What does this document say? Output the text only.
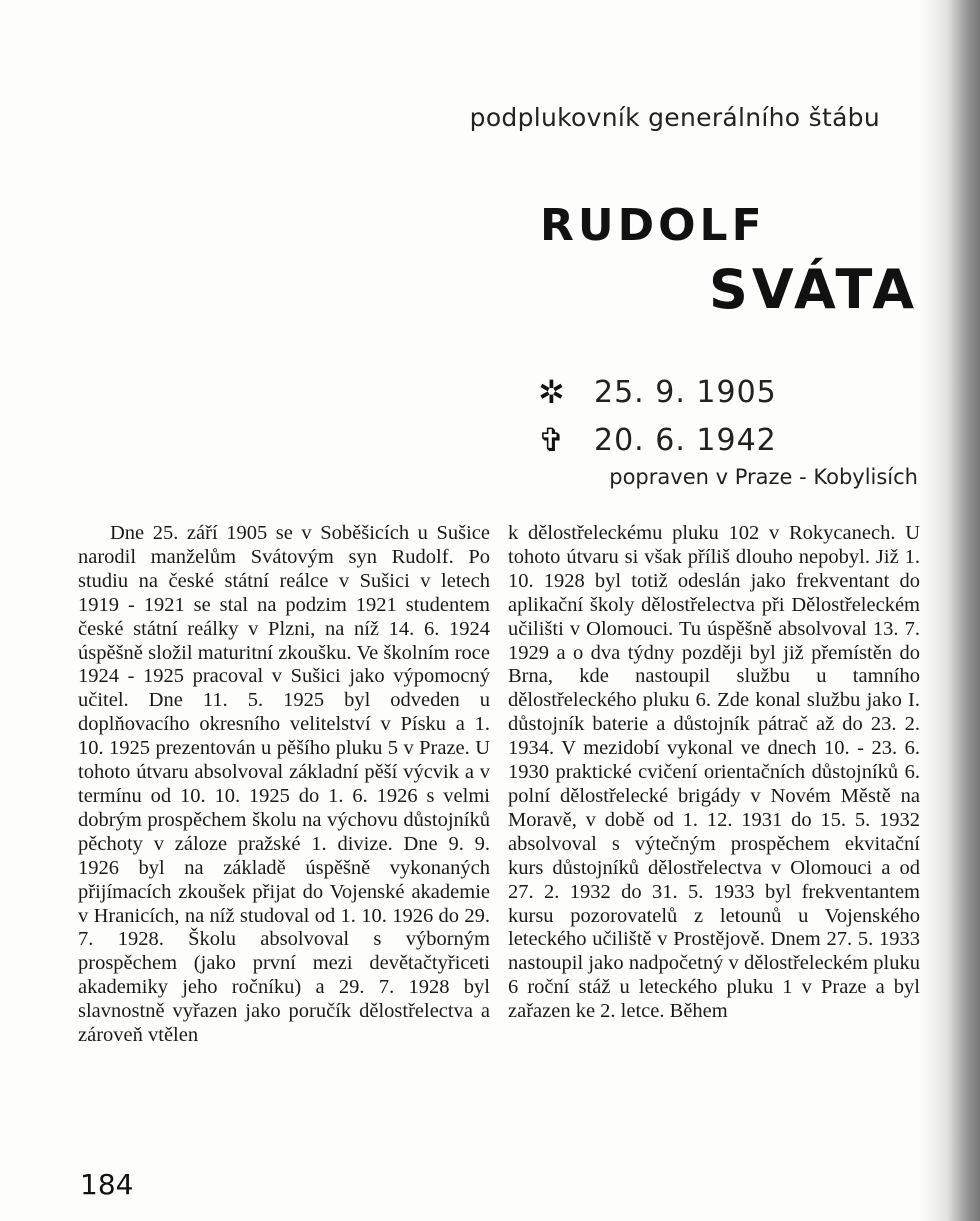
podplukovník generálního štábu
RUDOLF
SVÁTA
✲ 25. 9. 1905
✞ 20. 6. 1942
popraven v Praze - Kobylisích
Dne 25. září 1905 se v Soběšicích u Sušice narodil manželům Svátovým syn Rudolf. Po studiu na české státní reálce v Sušici v letech 1919 - 1921 se stal na podzim 1921 studentem české státní reálky v Plzni, na níž 14. 6. 1924 úspěšně složil maturitní zkoušku. Ve školním roce 1924 - 1925 pracoval v Sušici jako výpomocný učitel. Dne 11. 5. 1925 byl odveden u doplňovacího okresního velitelství v Písku a 1. 10. 1925 prezentován u pěšího pluku 5 v Praze. U tohoto útvaru absolvoval základní pěší výcvik a v termínu od 10. 10. 1925 do 1. 6. 1926 s velmi dobrým prospěchem školu na výchovu důstojníků pěchoty v záloze pražské 1. divize. Dne 9. 9. 1926 byl na základě úspěšně vykonaných přijímacích zkoušek přijat do Vojenské akademie v Hranicích, na níž studoval od 1. 10. 1926 do 29. 7. 1928. Školu absolvoval s výborným prospěchem (jako první mezi devětačtyřiceti akademiky jeho ročníku) a 29. 7. 1928 byl slavnostně vyřazen jako poručík dělostřelectva a zároveň vtělen
k dělostřeleckému pluku 102 v Rokycanech. U tohoto útvaru si však příliš dlouho nepobyl. Již 1. 10. 1928 byl totiž odeslán jako frekventant do aplikační školy dělostřelectva při Dělostřeleckém učilišti v Olomouci. Tu úspěšně absolvoval 13. 7. 1929 a o dva týdny později byl již přemístěn do Brna, kde nastoupil službu u tamního dělostřeleckého pluku 6. Zde konal službu jako I. důstojník baterie a důstojník pátrač až do 23. 2. 1934. V mezidobí vykonal ve dnech 10. - 23. 6. 1930 praktické cvičení orientačních důstojníků 6. polní dělostřelecké brigády v Novém Městě na Moravě, v době od 1. 12. 1931 do 15. 5. 1932 absolvoval s výtečným prospěchem ekvitační kurs důstojníků dělostřelectva v Olomouci a od 27. 2. 1932 do 31. 5. 1933 byl frekventantem kursu pozorovatelů z letounů u Vojenského leteckého učiliště v Prostějově. Dnem 27. 5. 1933 nastoupil jako nadpočetný v dělostřeleckém pluku 6 roční stáž u leteckého pluku 1 v Praze a byl zařazen ke 2. letce. Během
184
